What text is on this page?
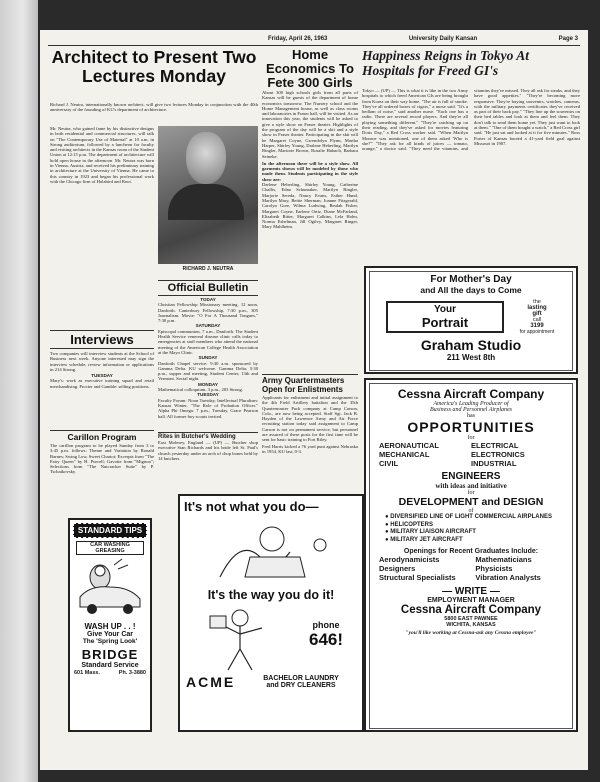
Friday, April 26, 1963	University Daily Kansan	Page 3
Architect to Present Two Lectures Monday
Richard J. Neutra, internationally known architect, will give two lectures Monday in conjunction with the 40th anniversary of the founding of KU's department of architecture.
Mr. Neutra, who gained fame by his distinctive designs in both residential and commercial structures, will talk on "The Contemporary Use of Material" at 10 a.m. in Strong auditorium, followed by a luncheon for faculty and visiting architects in the Kansas room of the Student Union at 12:15 p.m. The department of architecture will hold open house in the afternoon. Mr. Neutra was born in Vienna, Austria, and received his preliminary training in architecture at the University of Vienna. He came to this country in 1923 and began his professional work with the Chicago firm of Holabird and Root.
RICHARD J. NEUTRA
Official Bulletin
TODAY
Christian Fellowship Missionary meeting, 12 noon, Danforth. Canterbury Fellowship, 7:30 p.m., 305 Journalism. Movie: "O For A Thousand Tongues," 7:30 p.m.
SATURDAY
Episcopal communion, 7 a.m., Danforth. The Student Health Service venereal disease clinic calls today to emergencies at staff members who attend the national meeting of the American College Health Association at the Mayo Clinic.
SUNDAY
Danforth Chapel service: 9:30 a.m. sponsored by Gamma Delta. KU welcome. Gamma Delta, 5:30 p.m., supper and meeting, Student Center, 13th and Vermont. Social night.
MONDAY
Mathematical colloquium, 3 p.m., 203 Strong.
TUESDAY
Faculty Forum: Noon Tuesday, Intellectual Pluralism: Kansas Winter, "The Role of Probation Officer." Alpha Phi Omega: 7 p.m., Tuesday, Grace Pearson hall. All former boy scouts invited.
Rites in Butcher's Wedding
East Molesey, England — (UP) — Butcher shop executive Stan Richards and his bride left St. Paul's church yesterday under an arch of chop bones held by 14 butchers.
Interviews
Two companies will interview students at the School of Business next week. Anyone interested may sign the interview schedule, review information or applications in 214 Strong.
TUESDAY
Mary's: work as executive training squad and retail merchandising. Procter and Gamble: selling positions.
Carillon Program
The carillon program to be played Sunday from 3 to 3:45 p.m. follows: Theme and Variation by Ronald Barnes; Swing Low, Sweet Chariot; Excerpts from "The Fairy Queen" by H. Purcell; Gavotte from "Mignon"; Selections from "The Nutcracker Suite" by P. Tschaikovsky.
STANDARD TIPS
CAR WASHING
GREASING
WASH UP . . !
Give Your Car
The 'Spring Look'
BRIDGE
Standard Service
601 Mass.	Ph. 3-3880
Home Economics To Fete 300 Girls
About 300 high schools girls from all parts of Kansas will be guests of the department of home economics tomorrow. The Nursery school and the Home Management house, as well as class rooms and laboratories in Fraser hall, will be visited. As an innovation this year, the students will be asked to give a style show on Fraser theater. Highlights of the program of the day will be a skit and a style show in Fraser theater. Participating in the skit will be Margaret Coyne, Gwendolyn Flynn, Martha Harper, Shirley Young, Darlene Heberling, Marilyn Ringler, Mariorie Brown, Rosalie Hubach, Barbara Seineke.
In the afternoon there will be a style show. All garments shown will be modeled by those who made them. Students participating in the style show are:
Darlene Heberling, Shirley Young, Catherine Challis, Edna Schumaker, Marilyn Ringler, Marjorie Sereda, Nancy Evans, Esther Hund, Marilyn Mary, Bettie Sherman, Joanne Fitzgerald, Carolyn Gore, Wilma Ludwing, Beulah Fisher, Margaret Coyne, Earlene Ortiz, Diane McFarland, Elizabeth Ritter, Margaret Calkins, Lela Holm, Norma Eshelman, Jill Ogilvy, Margaret Ringer, Mary Mahlheim.
Army Quartermasters Open for Enlistments
Applicants for enlistment and initial assignment to the 4th Field Artillery battalion and the 35th Quartermaster Pack company at Camp Carson, Colo., are now being accepted. Staff Sgt. Jack B. Hayden of the Lawrence Army and Air Force recruiting station today said assignment to Camp Carson is not on permanent service, but personnel are assured of these posts for the first time will be sent for basic training to Fort Riley.
Fred Harris kicked a 76 yard punt against Nebraska in 1954, KU last, 0-3.
It's not what you do—
It's the way you do it!
phone
646!
ACME	BACHELOR LAUNDRY
and DRY CLEANERS
Happiness Reigns in Tokyo At Hospitals for Freed GI's
Tokyo — (UP) — This is what it is like in the two Army hospitals to which freed American GIs are being brought from Korea on their way home. "The air is full of smoke. They've all ordered boxes of cigars," a nurse said. "It's a bedlam of noise," said another nurse. "Each one has a radio. There are several record players. And they're all playing something different." "They're catching up on their reading, and they've asked for movies featuring Doris Day," a Red Cross worker said. "When Marilyn Monroe was mentioned, one of them asked 'Who is she?'" "They ask for all kinds of juices — tomato, orange," a doctor said. "They need the vitamins, and vitamins they've missed. They all ask for steaks, and they have good appetites." "They're becoming more responsive. They're buying souvenirs, watches, cameras, with the military payments certificates they've received as part of their back pay." "They line up the souvenirs on their bed tables and look at them and feel them. They don't talk to send them home yet. They just want to look at them." "One of them bought a watch," a Red Cross girl said. "He just sat and looked at it for five minutes." Ross Porter of Kansas booted a 41-yard field goal against Missouri in 1907.
For Mother's Day
and All the days to Come
Your
Portrait
the
lasting
gift
call
3199
for appointment
Graham Studio
211 West 8th
Cessna Aircraft Company
America's Leading Producer of
Business and Personnel Airplanes
has
OPPORTUNITIES
for
AERONAUTICAL	ELECTRICAL
MECHANICAL	ELECTRONICS
CIVIL	INDUSTRIAL
ENGINEERS
with ideas and initiative
for
DEVELOPMENT and DESIGN
of
● DIVERSIFIED LINE OF LIGHT COMMERCIAL AIRPLANES
● HELICOPTERS
● MILITARY LIAISON AIRCRAFT
● MILITARY JET AIRCRAFT
Openings for Recent Graduates Include:
Aerodynamicists	Mathematicians
Designers	Physicists
Structural Specialists	Vibration Analysts
— WRITE —
EMPLOYMENT MANAGER
Cessna Aircraft Company
5800 EAST PAWNEE
WICHITA, KANSAS
"you'll like working at Cessna-ask any Cessna employee"
